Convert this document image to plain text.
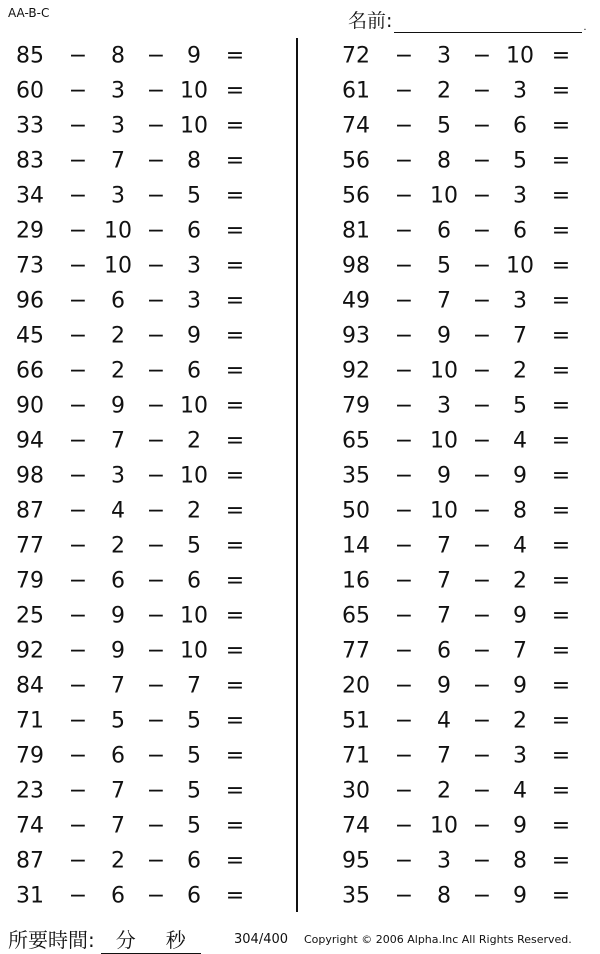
AA-B-C	名前:	.
85	−	8 − 9	=
60	−	3 − 10 =
33	−	3 − 10 =
83	−	7 − 8	=
34	−	3 − 5	=
29	− 10 − 6	=
73	− 10 − 3	=
96	−	6 − 3	=
45	−	2 − 9	=
66	−	2 − 6	=
90	−	9 − 10 =
94	−	7 − 2	=
98	−	3 − 10 =
87	−	4 − 2	=
77	−	2 − 5	=
79	−	6 − 6	=
25	−	9 − 10 =
92	−	9 − 10 =
84	−	7 − 7	=
71	−	5 − 5	=
79	−	6 − 5	=
23	−	7 − 5	=
74	−	7 − 5	=
87	−	2 − 6	=
31	−	6 − 6	=
72	−	3 − 10 =
61	−	2 − 3	=
74	−	5 − 6	=
56	−	8 − 5	=
56	− 10 − 3	=
81	−	6 − 6	=
98	−	5 − 10 =
49	−	7 − 3	=
93	−	9 − 7	=
92	− 10 − 2	=
79	−	3 − 5	=
65	− 10 − 4	=
35	−	9 − 9	=
50	− 10 − 8	=
14	−	7 − 4	=
16	−	7 − 2	=
65	−	7 − 9	=
77	−	6 − 7	=
20	−	9 − 9	=
51	−	4 − 2	=
71	−	7 − 3	=
30	−	2 − 4	=
74	− 10 − 9	=
95	−	3 − 8	=
35	−	8 − 9	=
所要時間: 分 秒	304/400 Copyright © 2006 Alpha.Inc All Rights Reserved.
